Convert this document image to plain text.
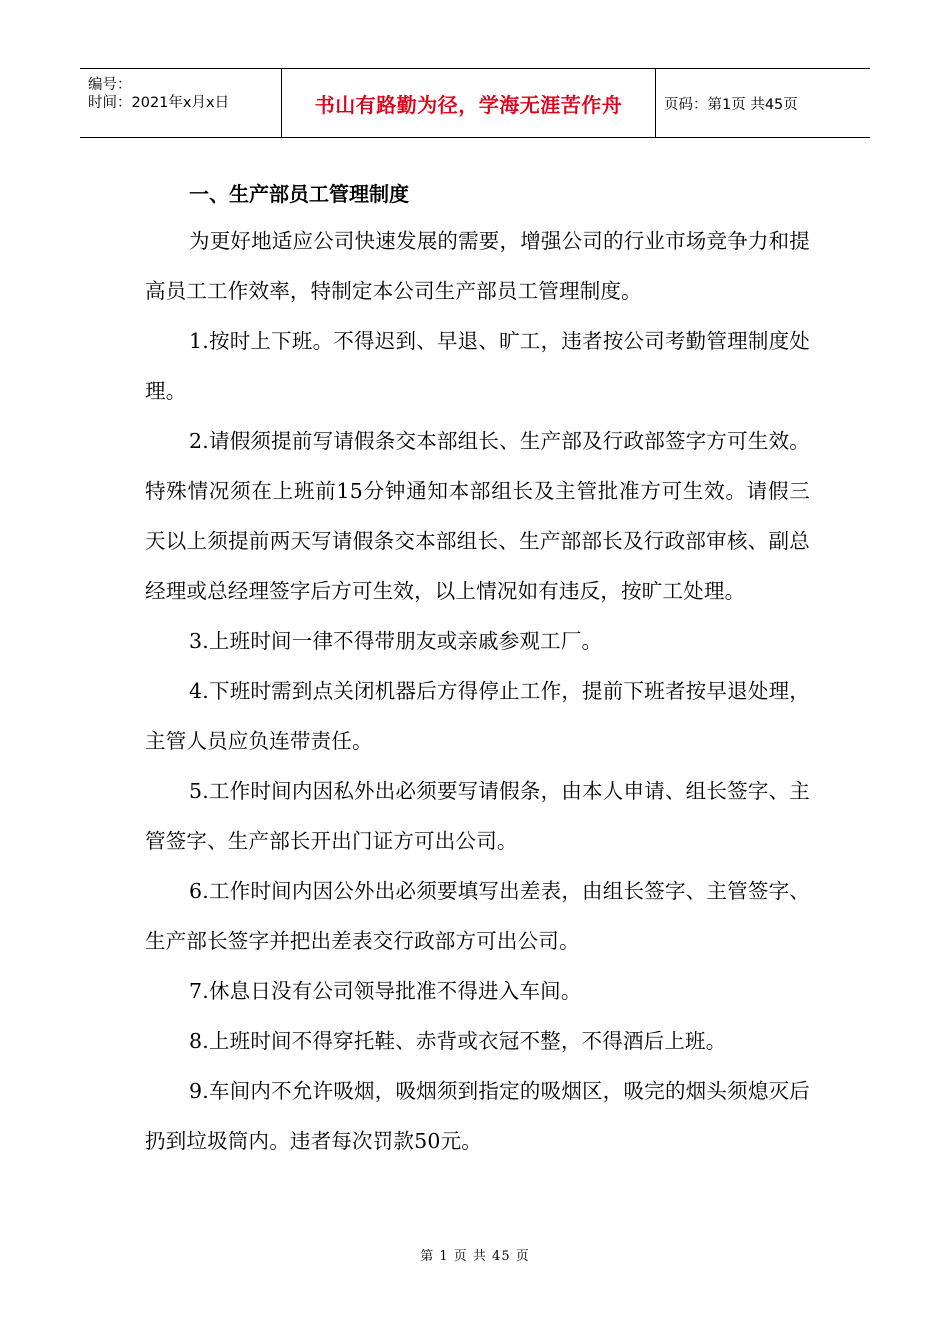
编号：
时间：2021年x月x日	书山有路勤为径，学海无涯苦作舟	页码：第1页 共45页
一、生产部员工管理制度

为更好地适应公司快速发展的需要，增强公司的行业市场竞争力和提高员工工作效率，特制定本公司生产部员工管理制度。

1.按时上下班。不得迟到、早退、旷工，违者按公司考勤管理制度处理。

2.请假须提前写请假条交本部组长、生产部及行政部签字方可生效。特殊情况须在上班前15分钟通知本部组长及主管批准方可生效。请假三天以上须提前两天写请假条交本部组长、生产部部长及行政部审核、副总经理或总经理签字后方可生效，以上情况如有违反，按旷工处理。

3.上班时间一律不得带朋友或亲戚参观工厂。

4.下班时需到点关闭机器后方得停止工作，提前下班者按早退处理，主管人员应负连带责任。

5.工作时间内因私外出必须要写请假条，由本人申请、组长签字、主管签字、生产部长开出门证方可出公司。

6.工作时间内因公外出必须要填写出差表，由组长签字、主管签字、生产部长签字并把出差表交行政部方可出公司。

7.休息日没有公司领导批准不得进入车间。

8.上班时间不得穿托鞋、赤背或衣冠不整，不得酒后上班。

9.车间内不允许吸烟，吸烟须到指定的吸烟区，吸完的烟头须熄灭后扔到垃圾筒内。违者每次罚款50元。

第 1 页 共 45 页
